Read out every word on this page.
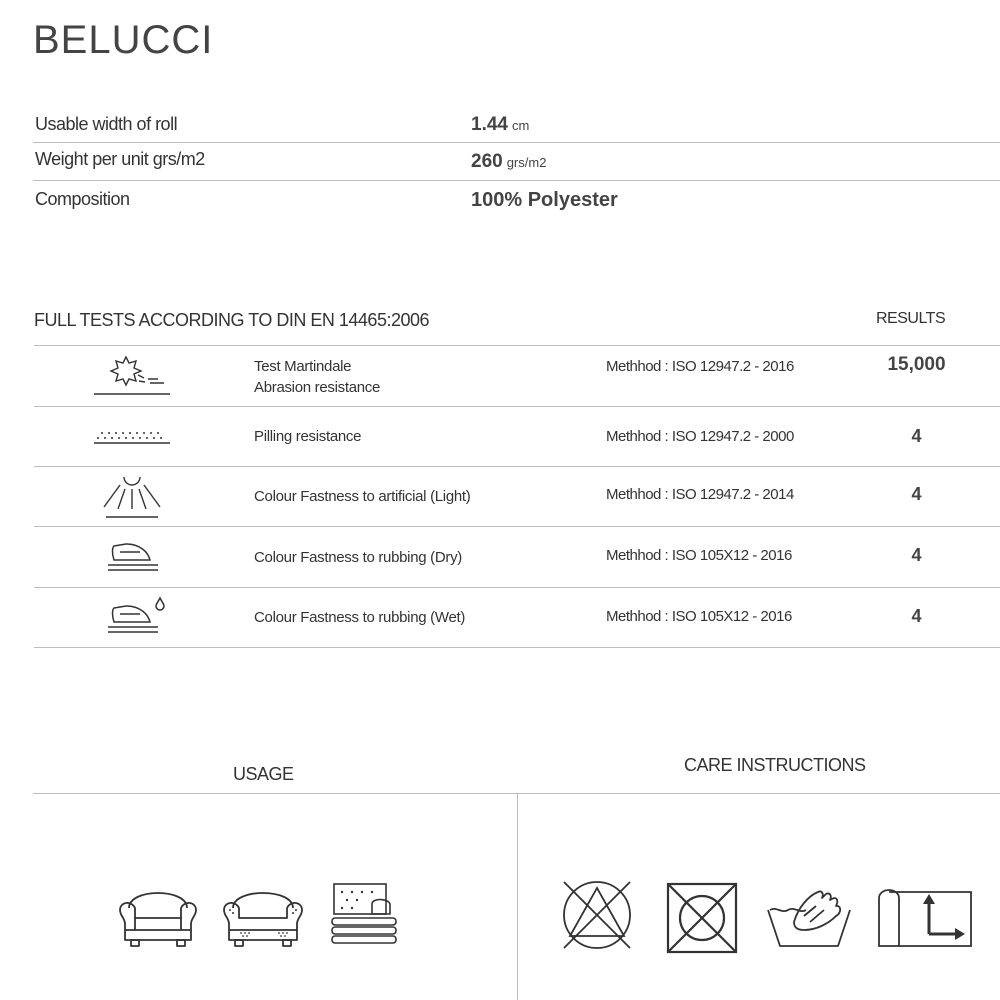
BELUCCI
Usable width of roll	1.44 cm
Weight per unit grs/m2	260 grs/m2
Composition	100% Polyester
FULL TESTS ACCORDING TO DIN EN 14465:2006	RESULTS
Test Martindale
Abrasion resistance
Methhod : ISO 12947.2 - 2016	15,000
Pilling resistance	Methhod : ISO 12947.2 - 2000	4
Colour Fastness to artificial (Light)	Methhod : ISO 12947.2 - 2014	4
Colour Fastness to rubbing (Dry)	Methhod : ISO 105X12 - 2016	4
Colour Fastness to rubbing (Wet)	Methhod : ISO 105X12 - 2016	4
USAGE	CARE INSTRUCTIONS
